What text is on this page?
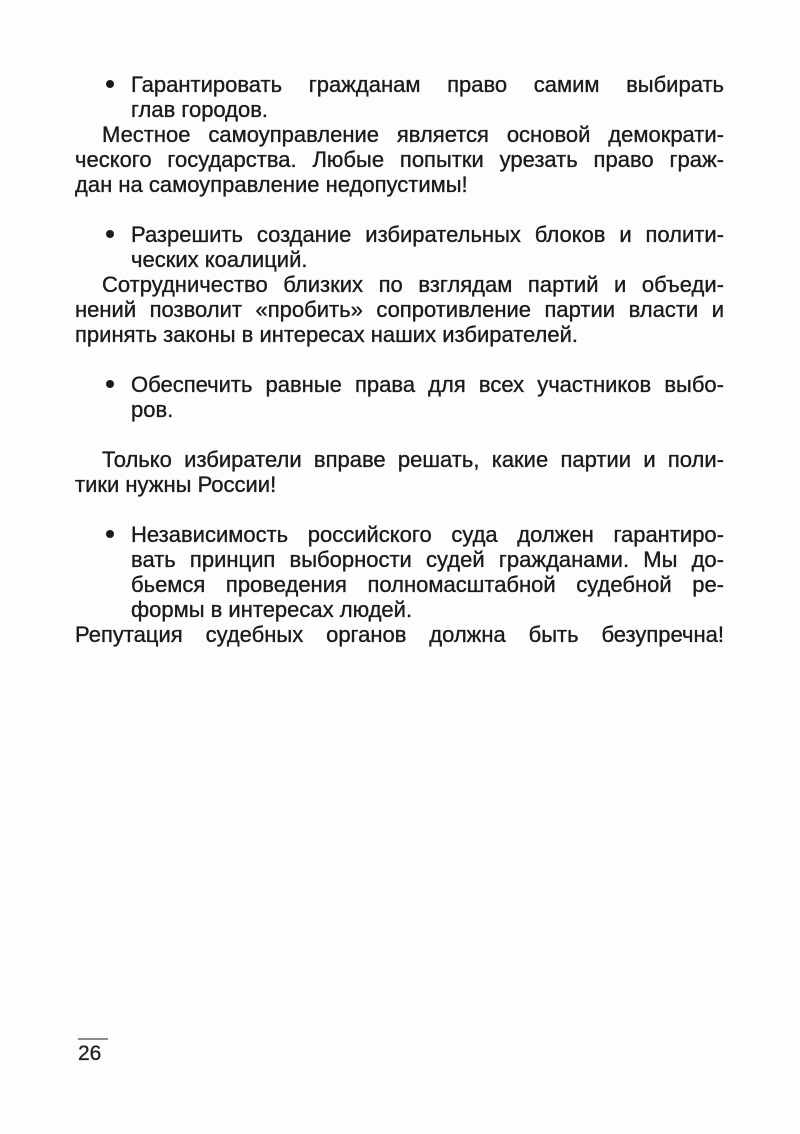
Гарантировать гражданам право самим выбирать
глав городов.
Местное самоуправление является основой демократи-
ческого государства. Любые попытки урезать право граж-
дан на самоуправление недопустимы!
Разрешить создание избирательных блоков и полити-
ческих коалиций.
Сотрудничество близких по взглядам партий и объеди-
нений позволит «пробить» сопротивление партии власти и
принять законы в интересах наших избирателей.
Обеспечить равные права для всех участников выбо-
ров.
Только избиратели вправе решать, какие партии и поли-
тики нужны России!
Независимость российского суда должен гарантиро-
вать принцип выборности судей гражданами. Мы до-
бьемся проведения полномасштабной судебной ре-
формы в интересах людей.
Репутация судебных органов должна быть безупречна!
26
